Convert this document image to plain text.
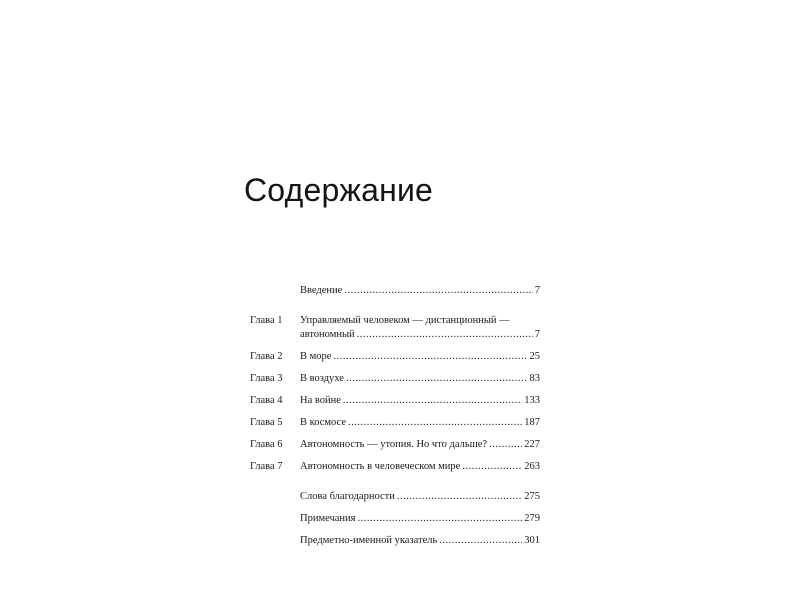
Содержание
Введение .....	7
Глава 1	Управляемый человеком — дистанционный —
автономный .....	7
Глава 2	В море .....	25
Глава 3	В воздухе .....	83
Глава 4	На войне .....	133
Глава 5	В космосе .....	187
Глава 6	Автономность — утопия. Но что дальше? .....	227
Глава 7	Автономность в человеческом мире .....	263
Слова благодарности .....	275
Примечания .....	279
Предметно-именной указатель .....	301
